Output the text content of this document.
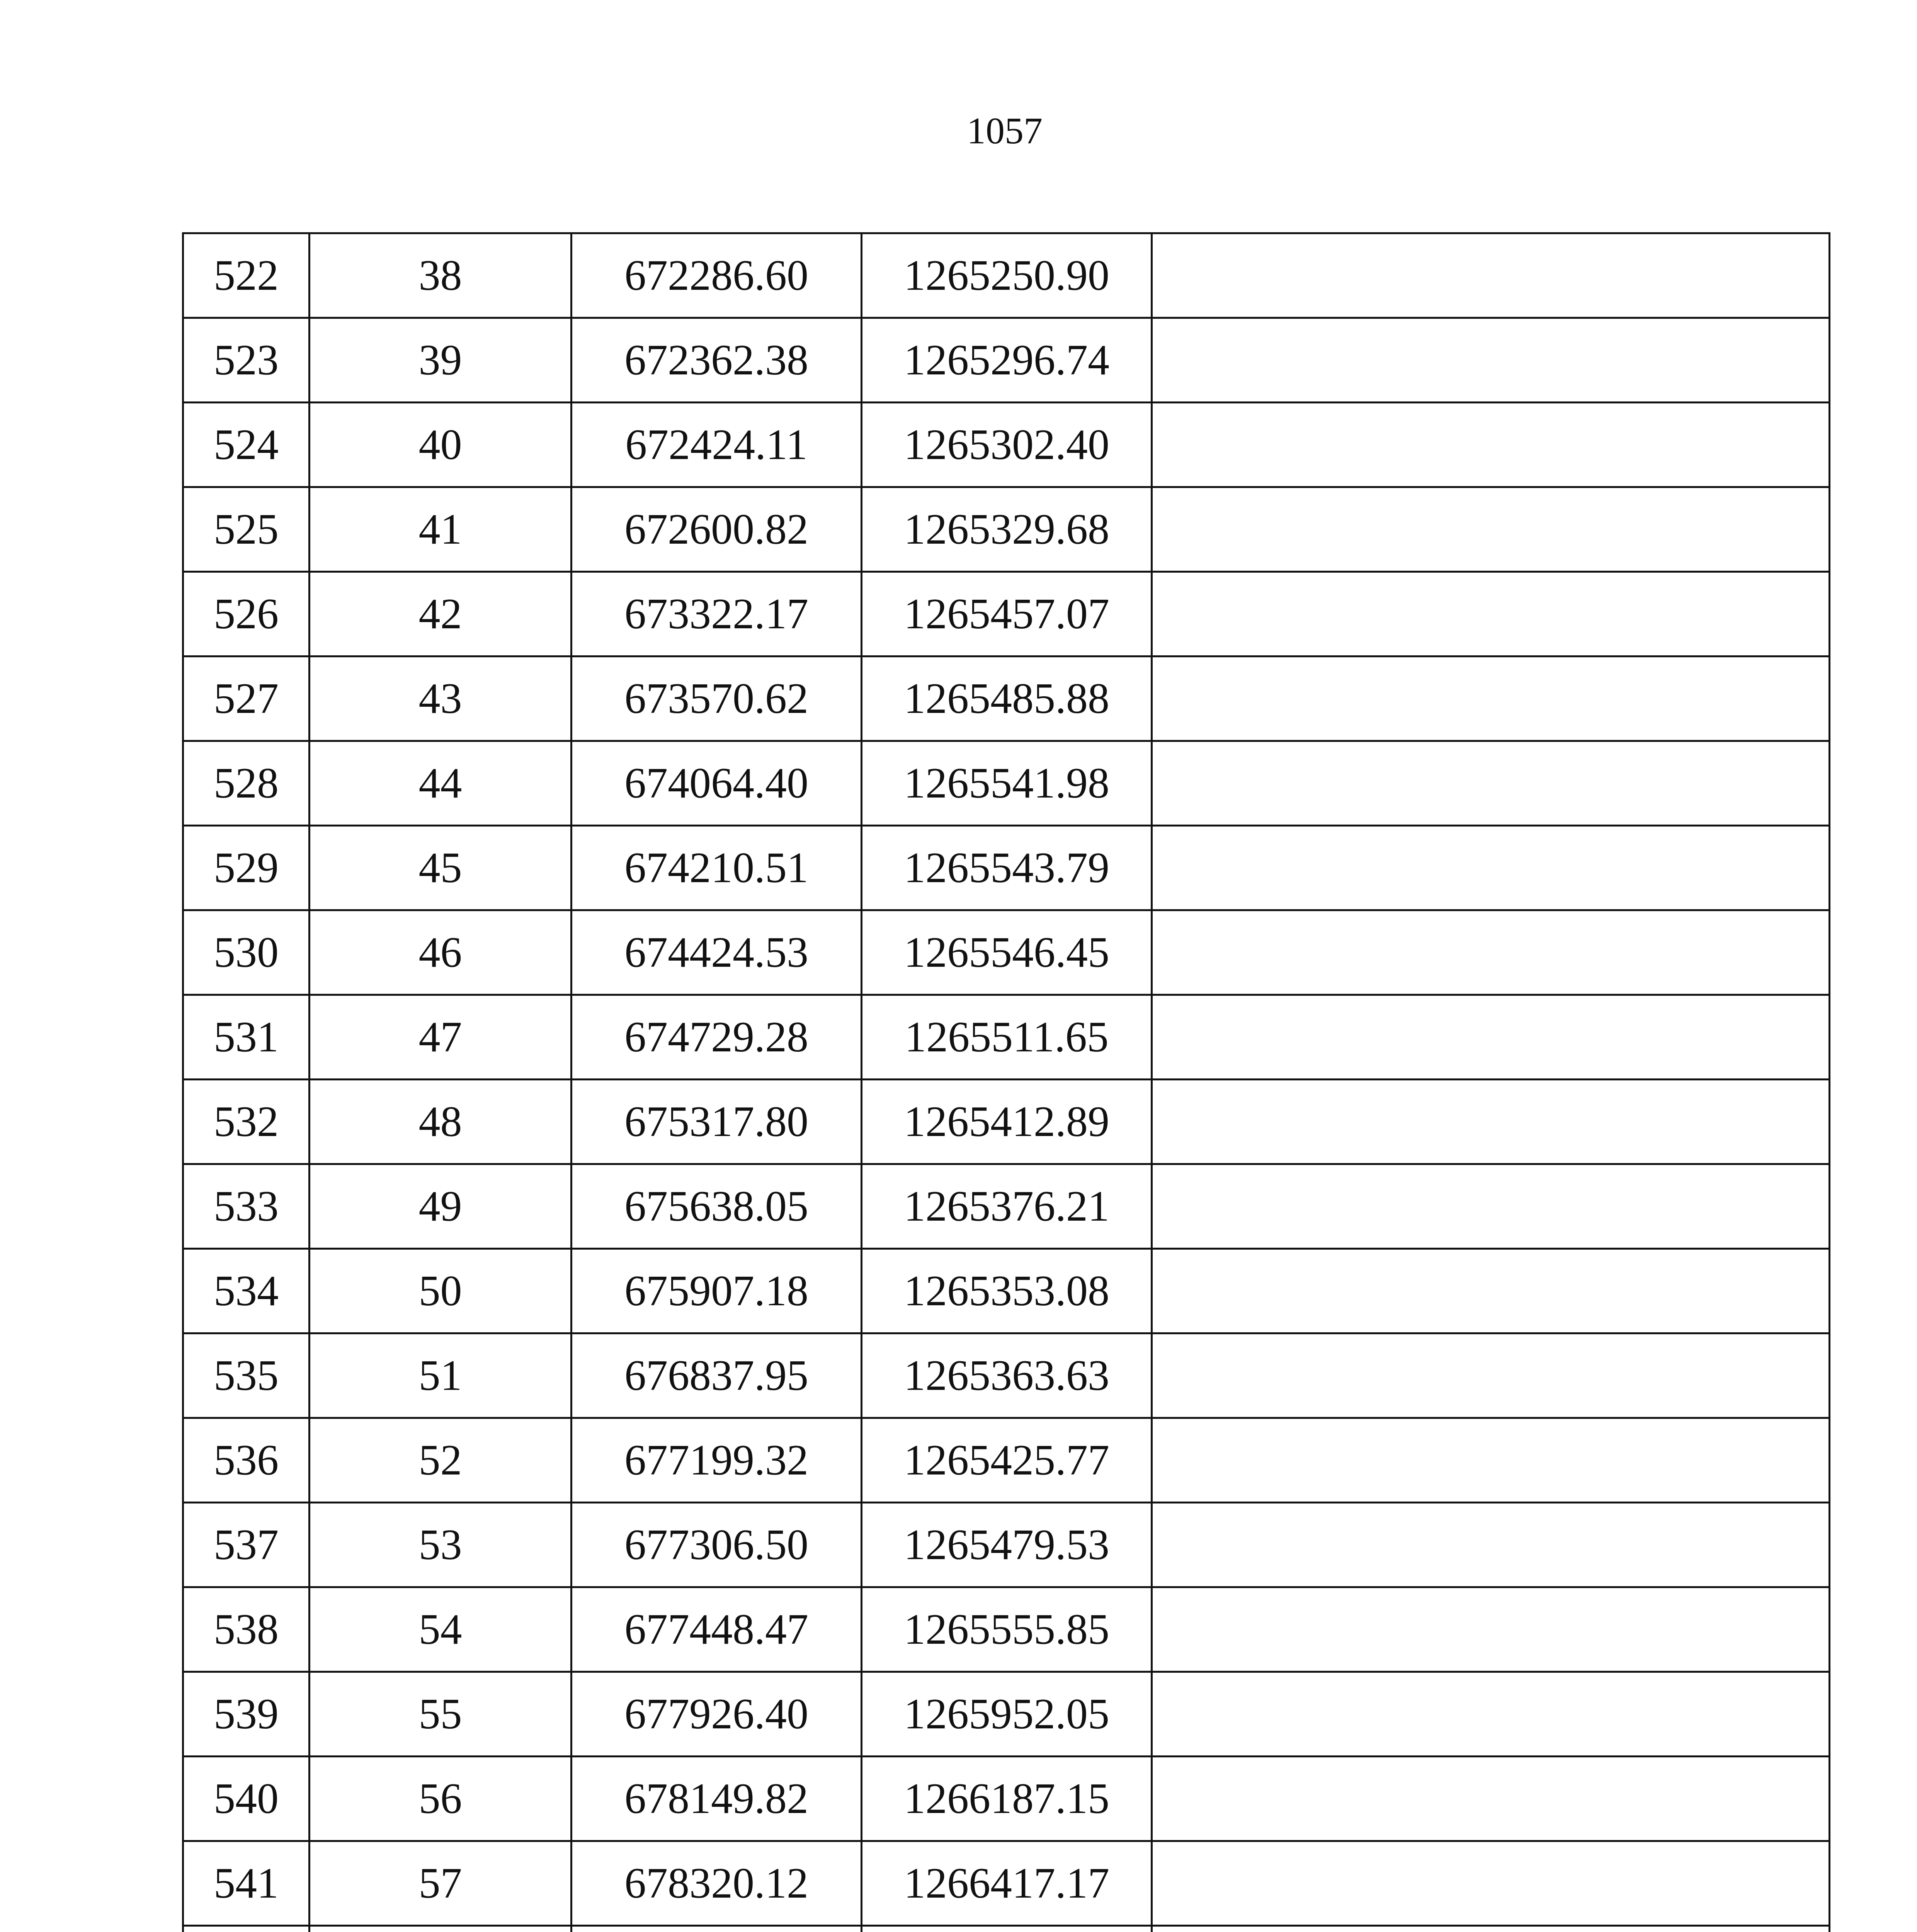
1057
522	38	672286.60	1265250.90	
523	39	672362.38	1265296.74	
524	40	672424.11	1265302.40	
525	41	672600.82	1265329.68	
526	42	673322.17	1265457.07	
527	43	673570.62	1265485.88	
528	44	674064.40	1265541.98	
529	45	674210.51	1265543.79	
530	46	674424.53	1265546.45	
531	47	674729.28	1265511.65	
532	48	675317.80	1265412.89	
533	49	675638.05	1265376.21	
534	50	675907.18	1265353.08	
535	51	676837.95	1265363.63	
536	52	677199.32	1265425.77	
537	53	677306.50	1265479.53	
538	54	677448.47	1265555.85	
539	55	677926.40	1265952.05	
540	56	678149.82	1266187.15	
541	57	678320.12	1266417.17	
